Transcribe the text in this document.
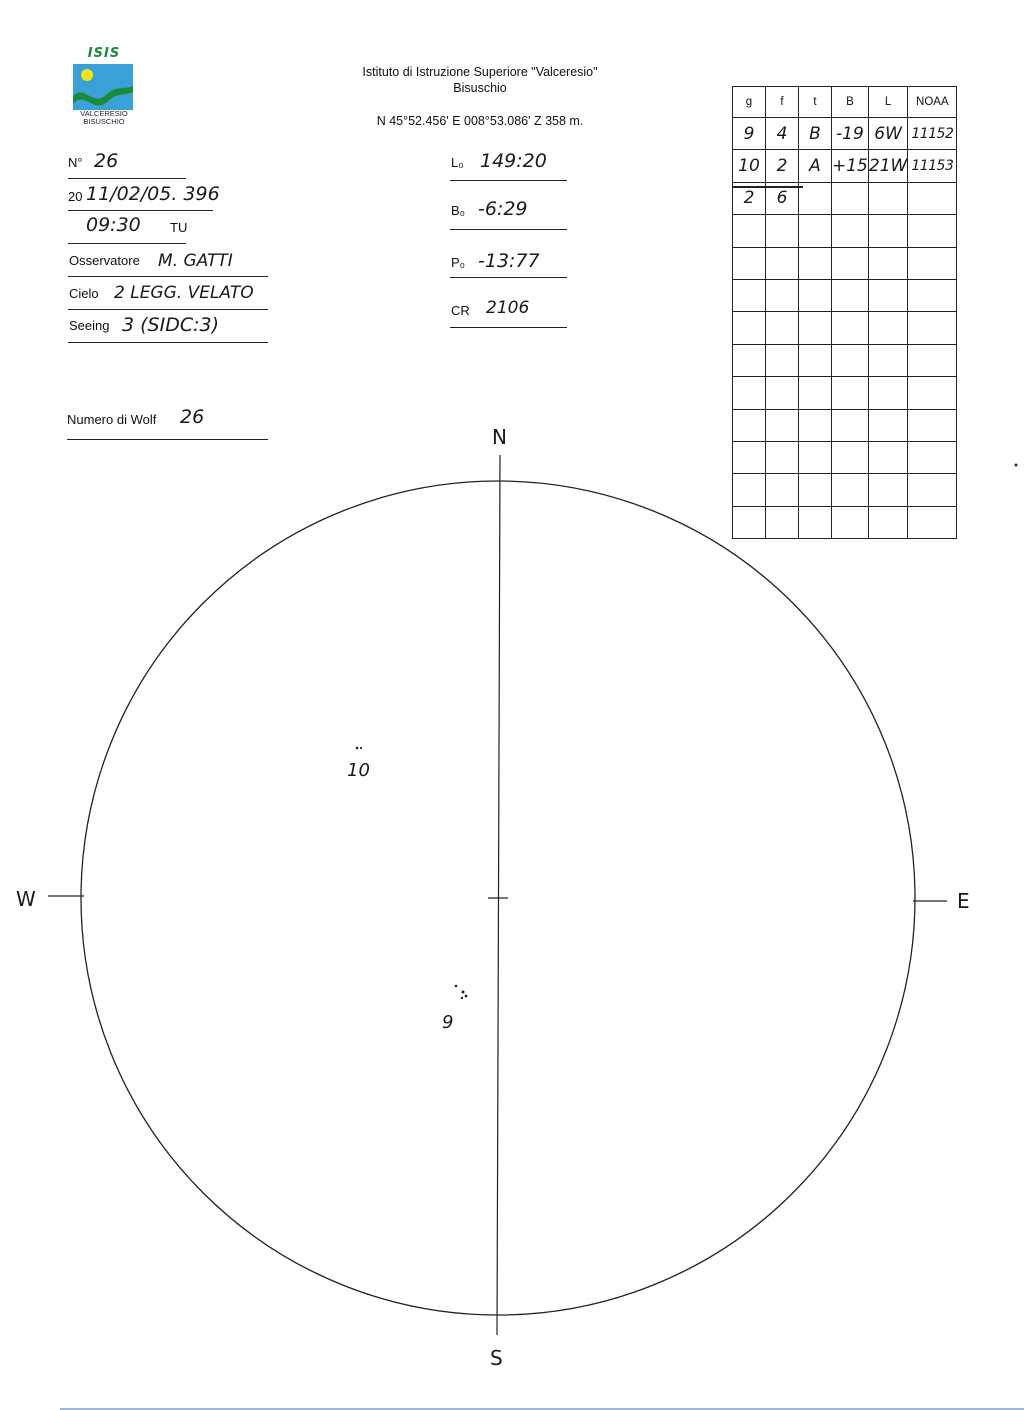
ISIS
VALCERESIO
BISUSCHIO
Istituto di Istruzione Superiore "Valceresio"
Bisuschio
N 45°52.456' E 008°53.086' Z 358 m.
N° 26
20 11/02/05. 396
09:30 TU
Osservatore M. GATTI
Cielo 2 LEGG. VELATO
Seeing 3 (SIDC:3)
Numero di Wolf 26
L₀ 149:20
B₀ -6:29
P₀ -13:77
CR 2106
g	f	t	B	L	NOAA
9	4	B	-19	6W	11152
10	2	A	+15	21W	11153
2	6				

N
S
W	E
10
9
